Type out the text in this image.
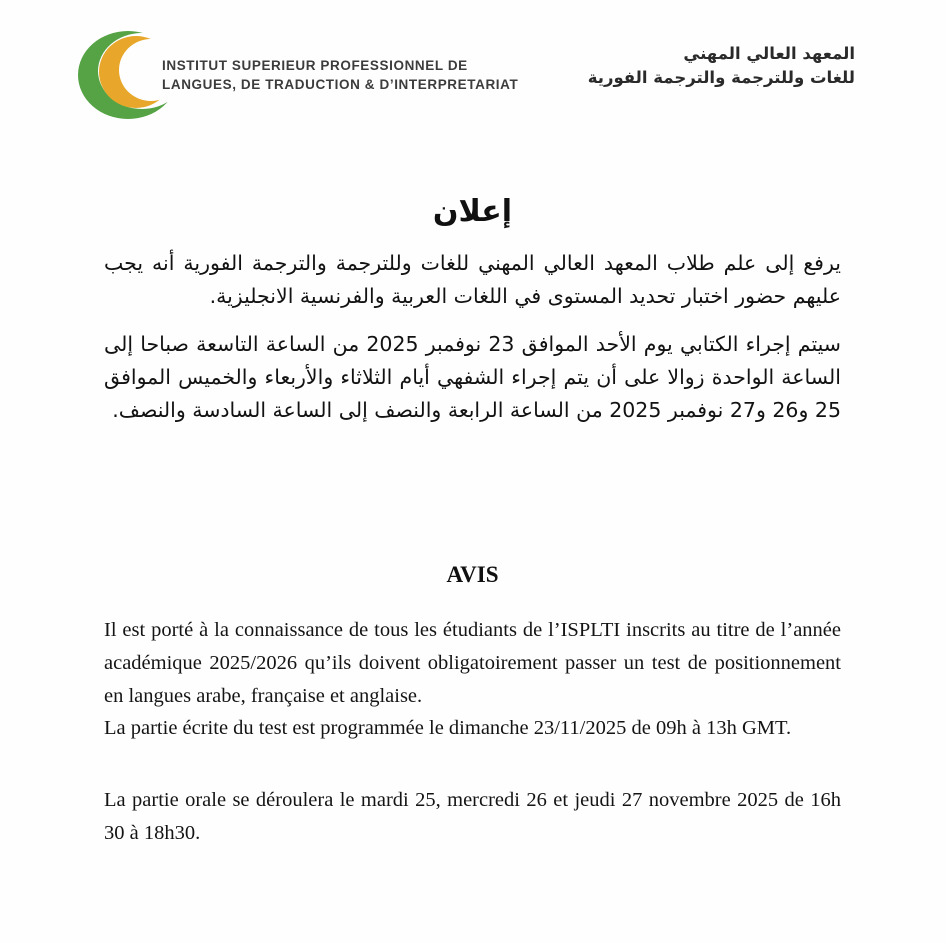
INSTITUT SUPERIEUR PROFESSIONNEL DE
LANGUES, DE TRADUCTION & D’INTERPRETARIAT
المعهد العالي المهني
للغات وللترجمة والترجمة الفورية
إعلان

يرفع إلى علم طلاب المعهد العالي المهني للغات وللترجمة والترجمة الفورية أنه يجب عليهم حضور اختبار تحديد المستوى في اللغات العربية والفرنسية الانجليزية.

سيتم إجراء الكتابي يوم الأحد الموافق 23 نوفمبر 2025 من الساعة التاسعة صباحا إلى الساعة الواحدة زوالا على أن يتم إجراء الشفهي أيام الثلاثاء والأربعاء والخميس الموافق 25 و26 و27 نوفمبر 2025 من الساعة الرابعة والنصف إلى الساعة السادسة والنصف.

AVIS

Il est porté à la connaissance de tous les étudiants de l’ISPLTI inscrits au titre de l’année académique 2025/2026 qu’ils doivent obligatoirement passer un test de positionnement en langues arabe, française et anglaise.

La partie écrite du test est programmée le dimanche 23/11/2025 de 09h à 13h GMT.

La partie orale se déroulera le mardi 25, mercredi 26 et jeudi 27 novembre 2025 de 16h 30 à 18h30.
